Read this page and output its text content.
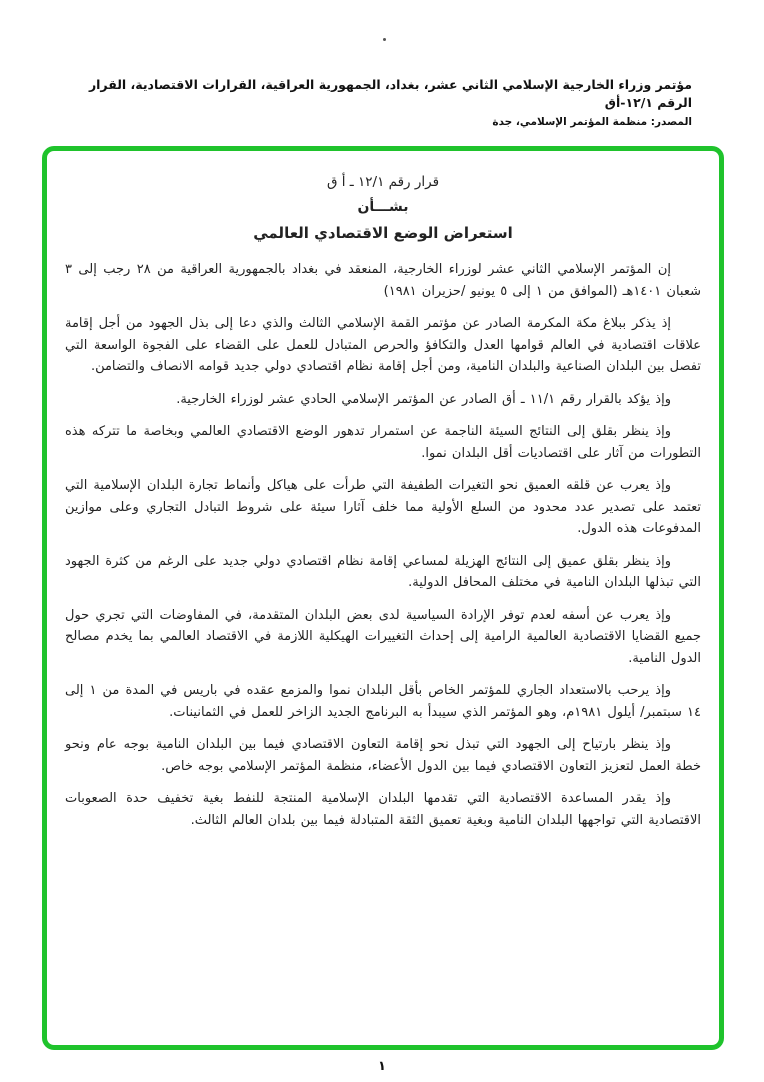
مؤتمر وزراء الخارجية الإسلامي الثاني عشر، بغداد، الجمهورية العراقية، القرارات الاقتصادية، القرار الرقم ١٢/١-أق
المصدر: منظمة المؤتمر الإسلامي، جدة
قرار رقم ١٢/١ ـ أ ق
بشـــأن
استعراض الوضع الاقتصادي العالمي

إن المؤتمر الإسلامي الثاني عشر لوزراء الخارجية، المنعقد في بغداد بالجمهورية العراقية من ٢٨ رجب إلى ٣ شعبان ١٤٠١هـ (الموافق من ١ إلى ٥ يونيو /حزيران ١٩٨١)

إذ يذكر ببلاغ مكة المكرمة الصادر عن مؤتمر القمة الإسلامي الثالث والذي دعا إلى بذل الجهود من أجل إقامة علاقات اقتصادية في العالم قوامها العدل والتكافؤ والحرص المتبادل للعمل على القضاء على الفجوة الواسعة التي تفصل بين البلدان الصناعية والبلدان النامية، ومن أجل إقامة نظام اقتصادي دولي جديد قوامه الانصاف والتضامن.

وإذ يؤكد بالقرار رقم ١١/١ ـ أق الصادر عن المؤتمر الإسلامي الحادي عشر لوزراء الخارجية.

وإذ ينظر بقلق إلى النتائج السيئة الناجمة عن استمرار تدهور الوضع الاقتصادي العالمي وبخاصة ما تتركه هذه التطورات من آثار على اقتصاديات أقل البلدان نموا.

وإذ يعرب عن قلقه العميق نحو التغيرات الطفيفة التي طرأت على هياكل وأنماط تجارة البلدان الإسلامية التي تعتمد على تصدير عدد محدود من السلع الأولية مما خلف آثارا سيئة على شروط التبادل التجاري وعلى موازين المدفوعات هذه الدول.

وإذ ينظر بقلق عميق إلى النتائج الهزيلة لمساعي إقامة نظام اقتصادي دولي جديد على الرغم من كثرة الجهود التي تبذلها البلدان النامية في مختلف المحافل الدولية.

وإذ يعرب عن أسفه لعدم توفر الإرادة السياسية لدى بعض البلدان المتقدمة، في المفاوضات التي تجري حول جميع القضايا الاقتصادية العالمية الرامية إلى إحداث التغييرات الهيكلية اللازمة في الاقتصاد العالمي بما يخدم مصالح الدول النامية.

وإذ يرحب بالاستعداد الجاري للمؤتمر الخاص بأقل البلدان نموا والمزمع عقده في باريس في المدة من ١ إلى ١٤ سبتمبر/ أيلول ١٩٨١م، وهو المؤتمر الذي سيبدأ به البرنامج الجديد الزاخر للعمل في الثمانينات.

وإذ ينظر بارتياح إلى الجهود التي تبذل نحو إقامة التعاون الاقتصادي فيما بين البلدان النامية بوجه عام ونحو خطة العمل لتعزيز التعاون الاقتصادي فيما بين الدول الأعضاء، منظمة المؤتمر الإسلامي بوجه خاص.

وإذ يقدر المساعدة الاقتصادية التي تقدمها البلدان الإسلامية المنتجة للنفط بغية تخفيف حدة الصعوبات الاقتصادية التي تواجهها البلدان النامية وبغية تعميق الثقة المتبادلة فيما بين بلدان العالم الثالث.

١
